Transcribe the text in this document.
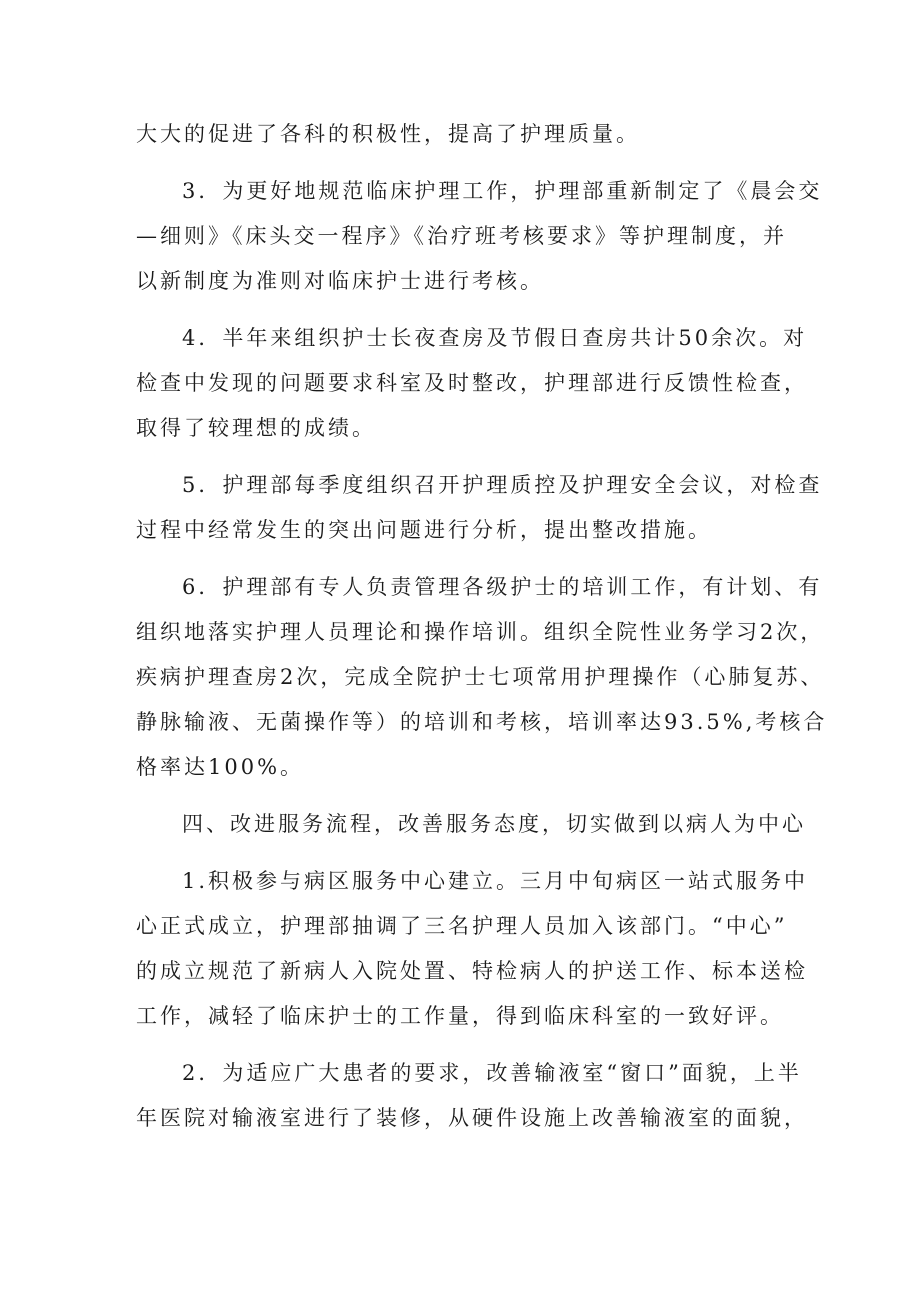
大大的促进了各科的积极性，提高了护理质量。

3．为更好地规范临床护理工作，护理部重新制定了《晨会交
—细则》《床头交一程序》《治疗班考核要求》等护理制度，并
以新制度为准则对临床护士进行考核。

4．半年来组织护士长夜查房及节假日查房共计50余次。对
检查中发现的问题要求科室及时整改，护理部进行反馈性检查，
取得了较理想的成绩。

5．护理部每季度组织召开护理质控及护理安全会议，对检查
过程中经常发生的突出问题进行分析，提出整改措施。

6．护理部有专人负责管理各级护士的培训工作，有计划、有
组织地落实护理人员理论和操作培训。组织全院性业务学习2次，
疾病护理查房2次，完成全院护士七项常用护理操作（心肺复苏、
静脉输液、无菌操作等）的培训和考核，培训率达93.5%,考核合
格率达100%。

四、改进服务流程，改善服务态度，切实做到以病人为中心

1.积极参与病区服务中心建立。三月中旬病区一站式服务中
心正式成立，护理部抽调了三名护理人员加入该部门。“中心”
的成立规范了新病人入院处置、特检病人的护送工作、标本送检
工作，减轻了临床护士的工作量，得到临床科室的一致好评。

2．为适应广大患者的要求，改善输液室“窗口”面貌，上半
年医院对输液室进行了装修，从硬件设施上改善输液室的面貌，
